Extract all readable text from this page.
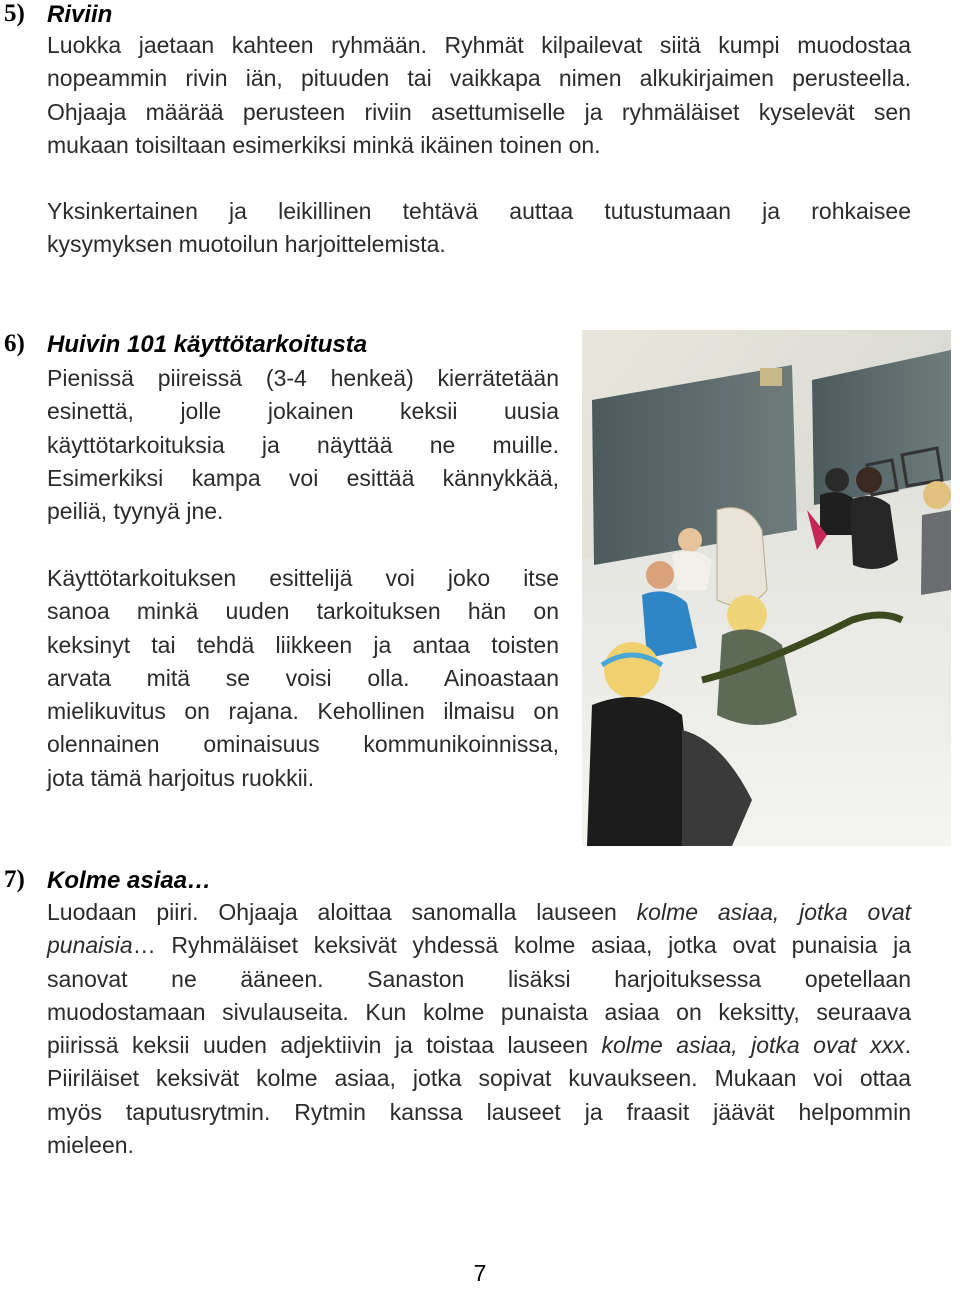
5) Riviin
Luokka jaetaan kahteen ryhmään. Ryhmät kilpailevat siitä kumpi muodostaa
nopeammin rivin iän, pituuden tai vaikkapa nimen alkukirjaimen perusteella.
Ohjaaja määrää perusteen riviin asettumiselle ja ryhmäläiset kyselevät sen
mukaan toisiltaan esimerkiksi minkä ikäinen toinen on.
Yksinkertainen ja leikillinen tehtävä auttaa tutustumaan ja rohkaisee
kysymyksen muotoilun harjoittelemista.
6) Huivin 101 käyttötarkoitusta
Pienissä piireissä (3-4 henkeä) kierrätetään
esinettä, jolle jokainen keksii uusia
käyttötarkoituksia ja näyttää ne muille.
Esimerkiksi kampa voi esittää kännykkää,
peiliä, tyynyä jne.
Käyttötarkoituksen esittelijä voi joko itse
sanoa minkä uuden tarkoituksen hän on
keksinyt tai tehdä liikkeen ja antaa toisten
arvata mitä se voisi olla. Ainoastaan
mielikuvitus on rajana. Kehollinen ilmaisu on
olennainen ominaisuus kommunikoinnissa,
jota tämä harjoitus ruokkii.
7) Kolme asiaa…
Luodaan piiri. Ohjaaja aloittaa sanomalla lauseen kolme asiaa, jotka ovat
punaisia… Ryhmäläiset keksivät yhdessä kolme asiaa, jotka ovat punaisia ja
sanovat ne ääneen. Sanaston lisäksi harjoituksessa opetellaan
muodostamaan sivulauseita. Kun kolme punaista asiaa on keksitty, seuraava
piirissä keksii uuden adjektiivin ja toistaa lauseen kolme asiaa, jotka ovat xxx.
Piiriläiset keksivät kolme asiaa, jotka sopivat kuvaukseen. Mukaan voi ottaa
myös taputusrytmin. Rytmin kanssa lauseet ja fraasit jäävät helpommin
mieleen.
7
